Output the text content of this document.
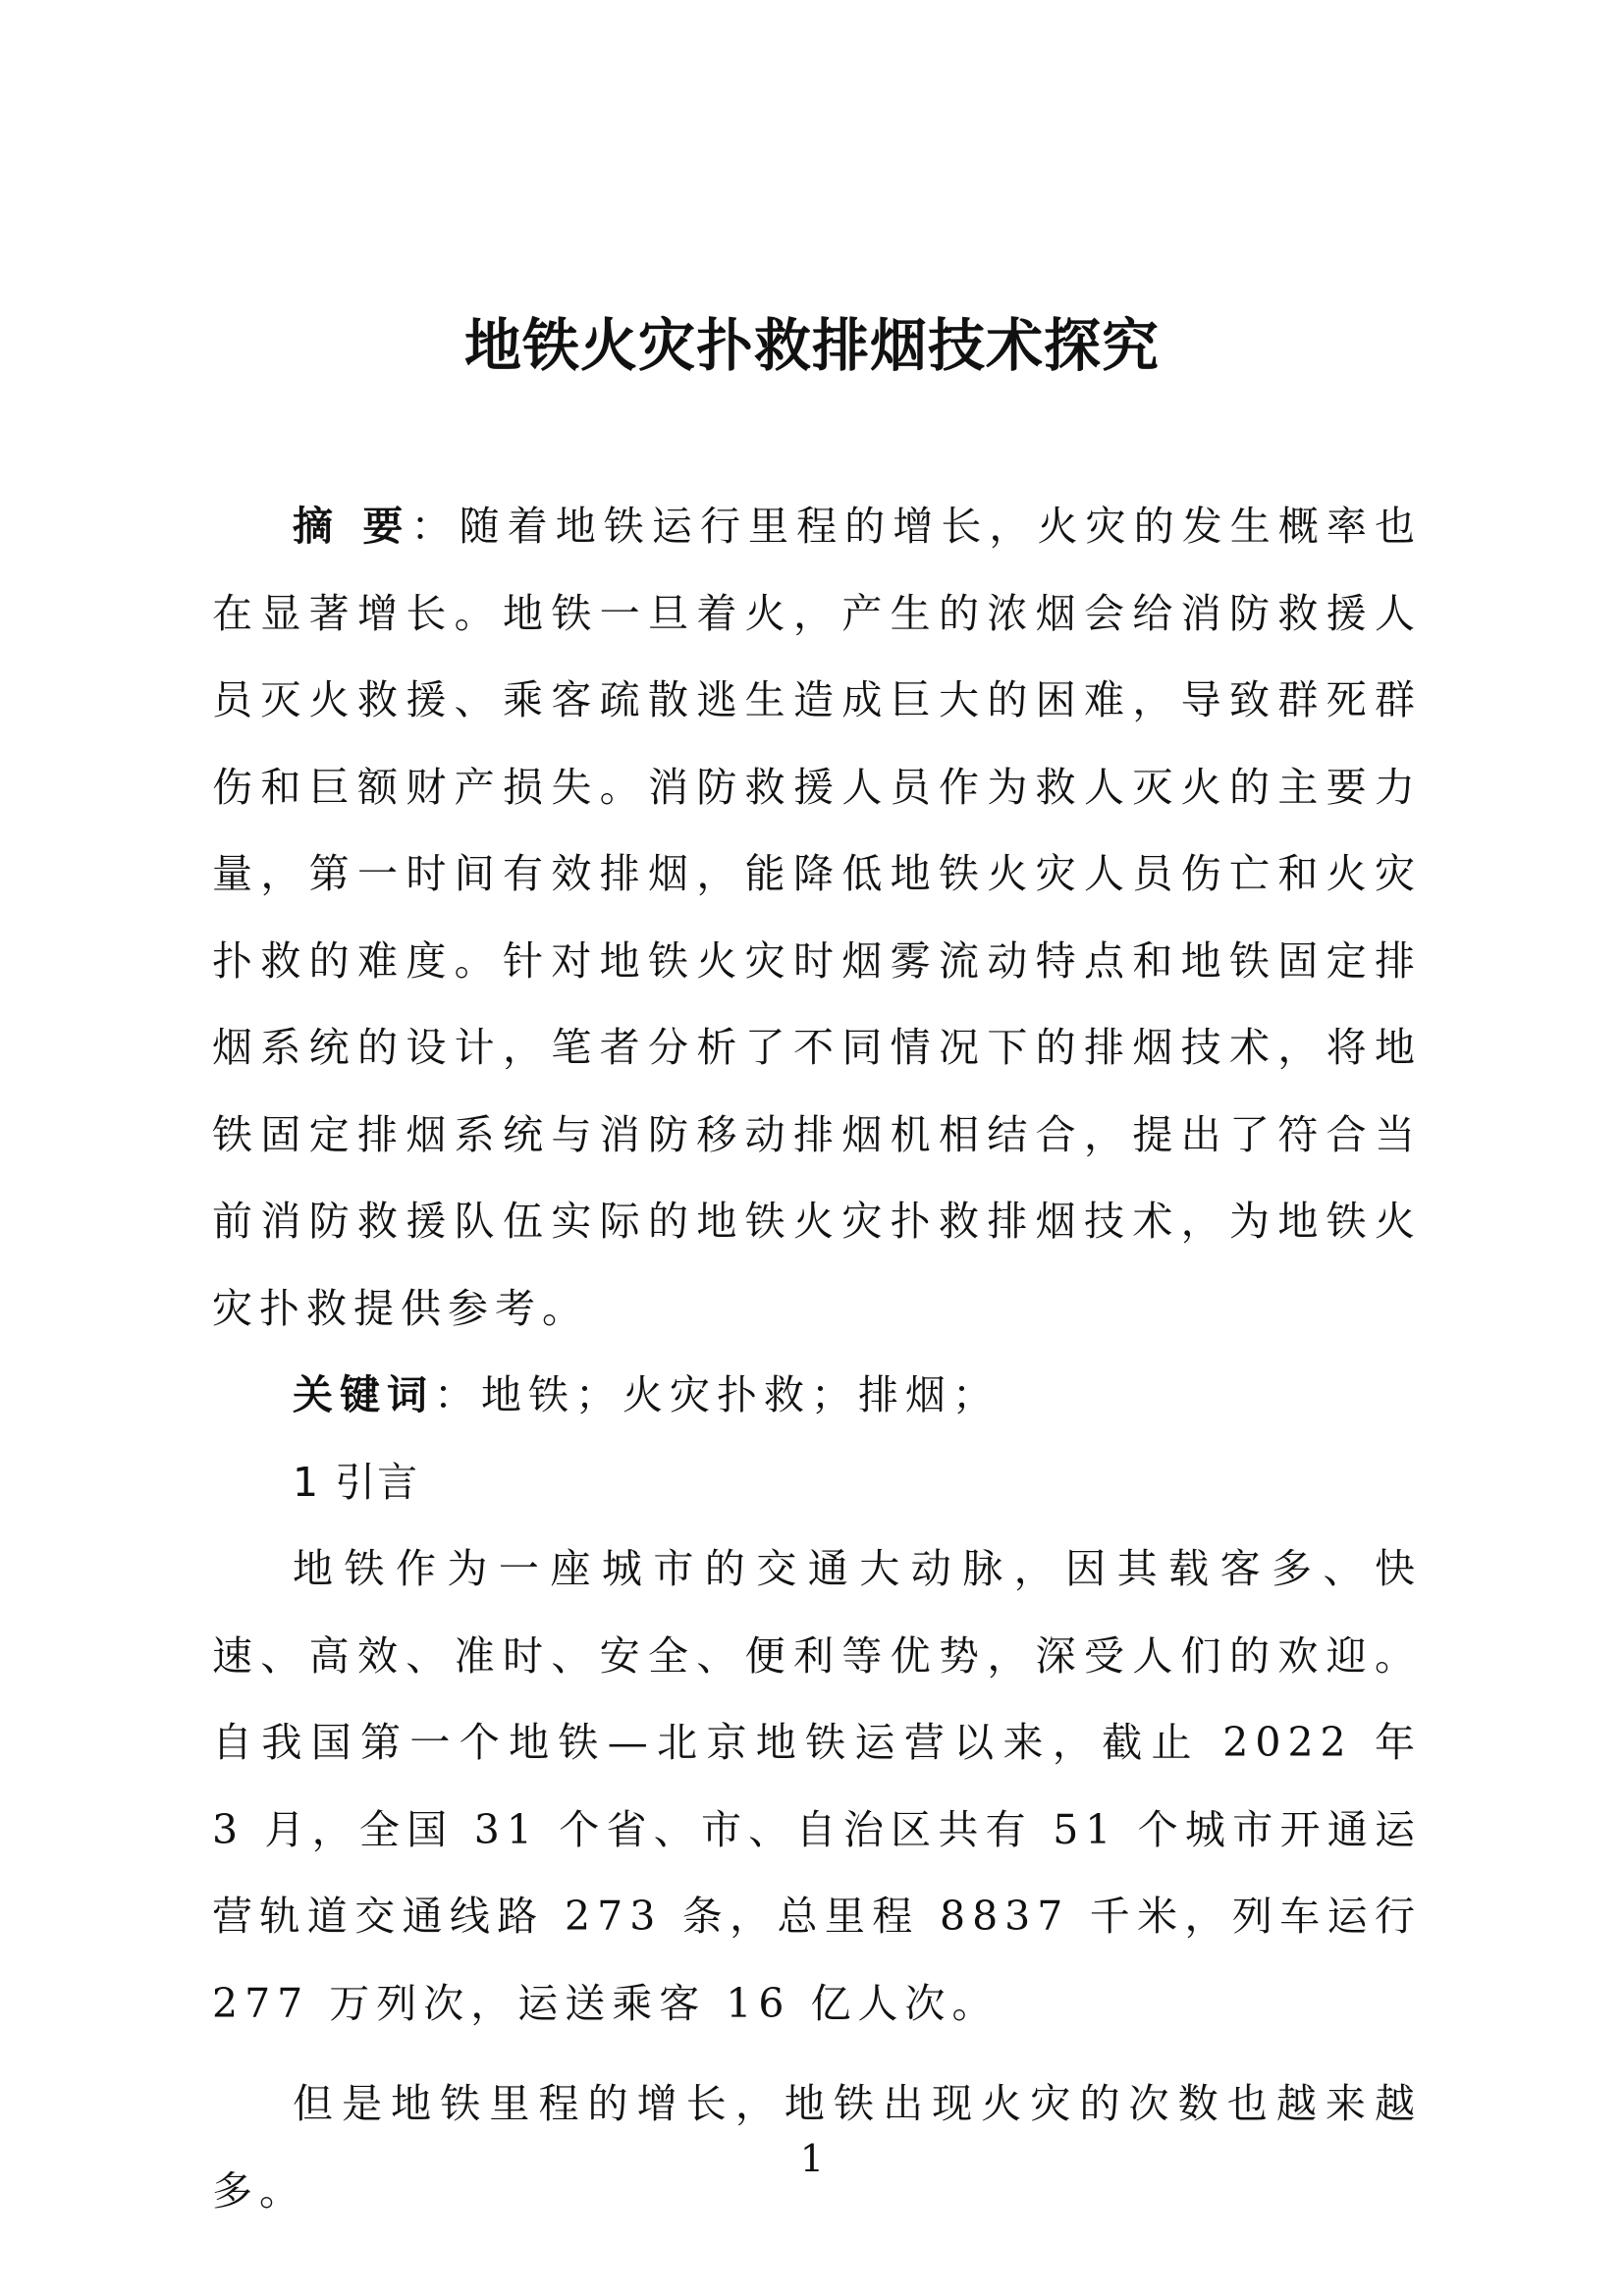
地铁火灾扑救排烟技术探究

摘 要：随着地铁运行里程的增长，火灾的发生概率也在显著增长。地铁一旦着火，产生的浓烟会给消防救援人员灭火救援、乘客疏散逃生造成巨大的困难，导致群死群伤和巨额财产损失。消防救援人员作为救人灭火的主要力量，第一时间有效排烟，能降低地铁火灾人员伤亡和火灾扑救的难度。针对地铁火灾时烟雾流动特点和地铁固定排烟系统的设计，笔者分析了不同情况下的排烟技术，将地铁固定排烟系统与消防移动排烟机相结合，提出了符合当前消防救援队伍实际的地铁火灾扑救排烟技术，为地铁火灾扑救提供参考。

关键词：地铁；火灾扑救；排烟；

1 引言

地铁作为一座城市的交通大动脉，因其载客多、快速、高效、准时、安全、便利等优势，深受人们的欢迎。自我国第一个地铁—北京地铁运营以来，截止 2022 年 3 月，全国 31 个省、市、自治区共有 51 个城市开通运营轨道交通线路 273 条，总里程 8837 千米，列车运行 277 万列次，运送乘客 16 亿人次。

但是地铁里程的增长，地铁出现火灾的次数也越来越多。

1
